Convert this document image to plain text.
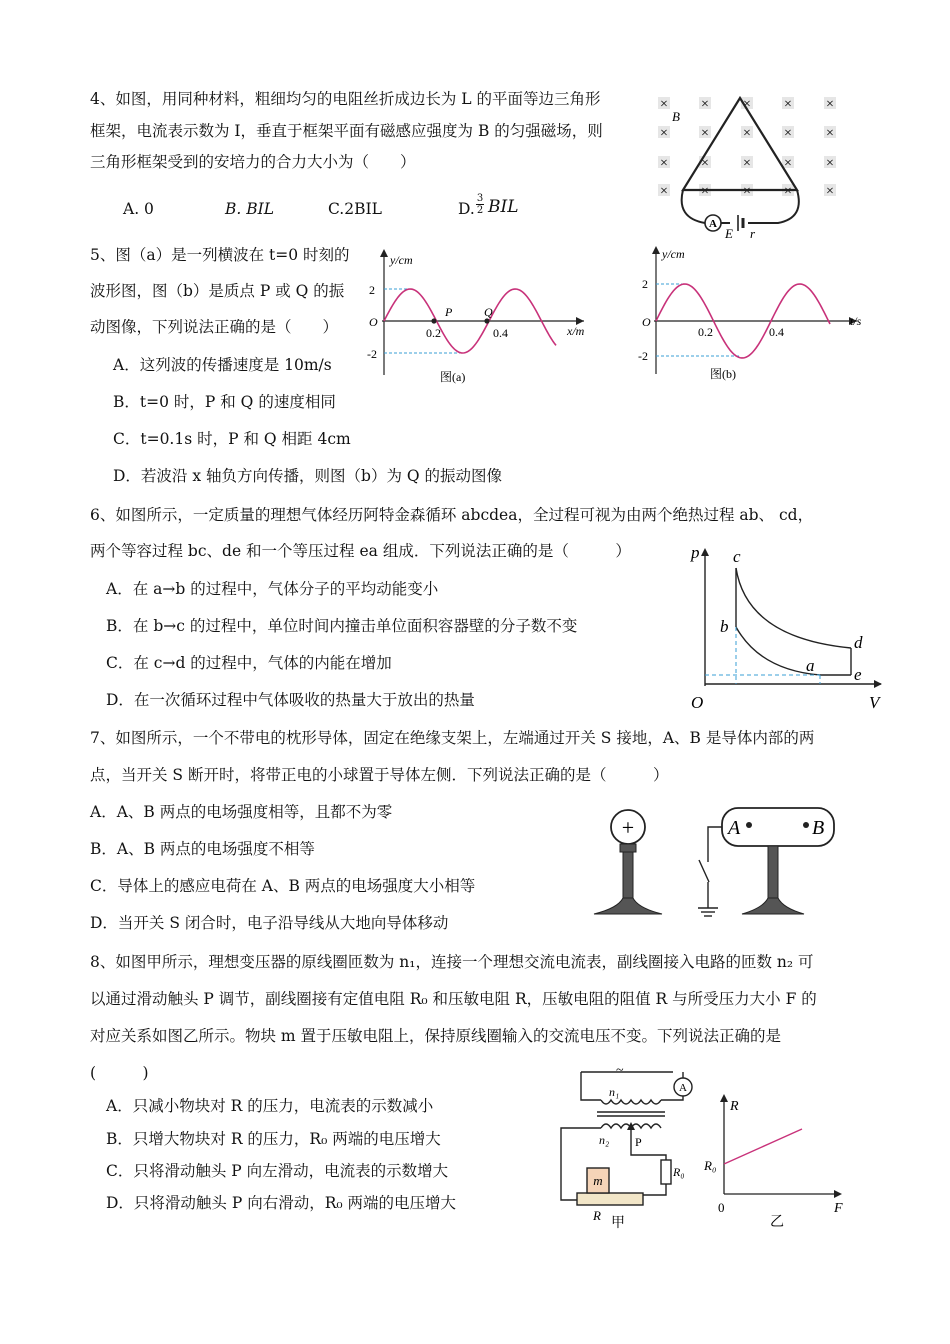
4、如图，用同种材料，粗细均匀的电阻丝折成边长为 L 的平面等边三角形
框架，电流表示数为 I，垂直于框架平面有磁感应强度为 B 的匀强磁场，则
三角形框架受到的安培力的合力大小为（　　）
A. 0	B. BIL	C.2BIL	D. $\frac{3}{2}$ BIL
× × × × ×
× × × × ×
× × × × ×
× × × × ×
A
B
E r
5、图（a）是一列横波在 t=0 时刻的
波形图，图（b）是质点 P 或 Q 的振
动图像，下列说法正确的是（　　）
A．这列波的传播速度是 10m/s
B．t=0 时，P 和 Q 的速度相同
C．t=0.1s 时，P 和 Q 相距 4cm
D．若波沿 x 轴负方向传播，则图（b）为 Q 的振动图像
y/cm
x/m
2
-2
O
0.2	0.4
P	Q
图(a)
y/cm
t/s
2
-2
O
0.2	0.4
图(b)
6、如图所示，一定质量的理想气体经历阿特金森循环 abcdea，全过程可视为由两个绝热过程 ab、 cd，
两个等容过程 bc、de 和一个等压过程 ea 组成．下列说法正确的是（　　　）
A．在 a→b 的过程中，气体分子的平均动能变小
B．在 b→c 的过程中，单位时间内撞击单位面积容器壁的分子数不变
C．在 c→d 的过程中，气体的内能在增加
D．在一次循环过程中气体吸收的热量大于放出的热量
p
V
O
c
b
d
a e
7、如图所示，一个不带电的枕形导体，固定在绝缘支架上，左端通过开关 S 接地，A、B 是导体内部的两
点，当开关 S 断开时，将带正电的小球置于导体左侧．下列说法正确的是（　　　）
A．A、B 两点的电场强度相等，且都不为零
B．A、B 两点的电场强度不相等
C．导体上的感应电荷在 A、B 两点的电场强度大小相等
D．当开关 S 闭合时，电子沿导线从大地向导体移动
+	A	B
8、如图甲所示，理想变压器的原线圈匝数为 n₁，连接一个理想交流电流表，副线圈接入电路的匝数 n₂ 可
以通过滑动触头 P 调节，副线圈接有定值电阻 R₀ 和压敏电阻 R，压敏电阻的阻值 R 与所受压力大小 F 的
对应关系如图乙所示。物块 m 置于压敏电阻上，保持原线圈输入的交流电压不变。下列说法正确的是
(　　　)
A．只减小物块对 R 的压力，电流表的示数减小
B．只增大物块对 R 的压力，R₀ 两端的电压增大
C．只将滑动触头 P 向左滑动，电流表的示数增大
D．只将滑动触头 P 向右滑动，R₀ 两端的电压增大
~
A
n₁
n₂ P
R₀
m
R
甲
R
R₀
0	F
乙
